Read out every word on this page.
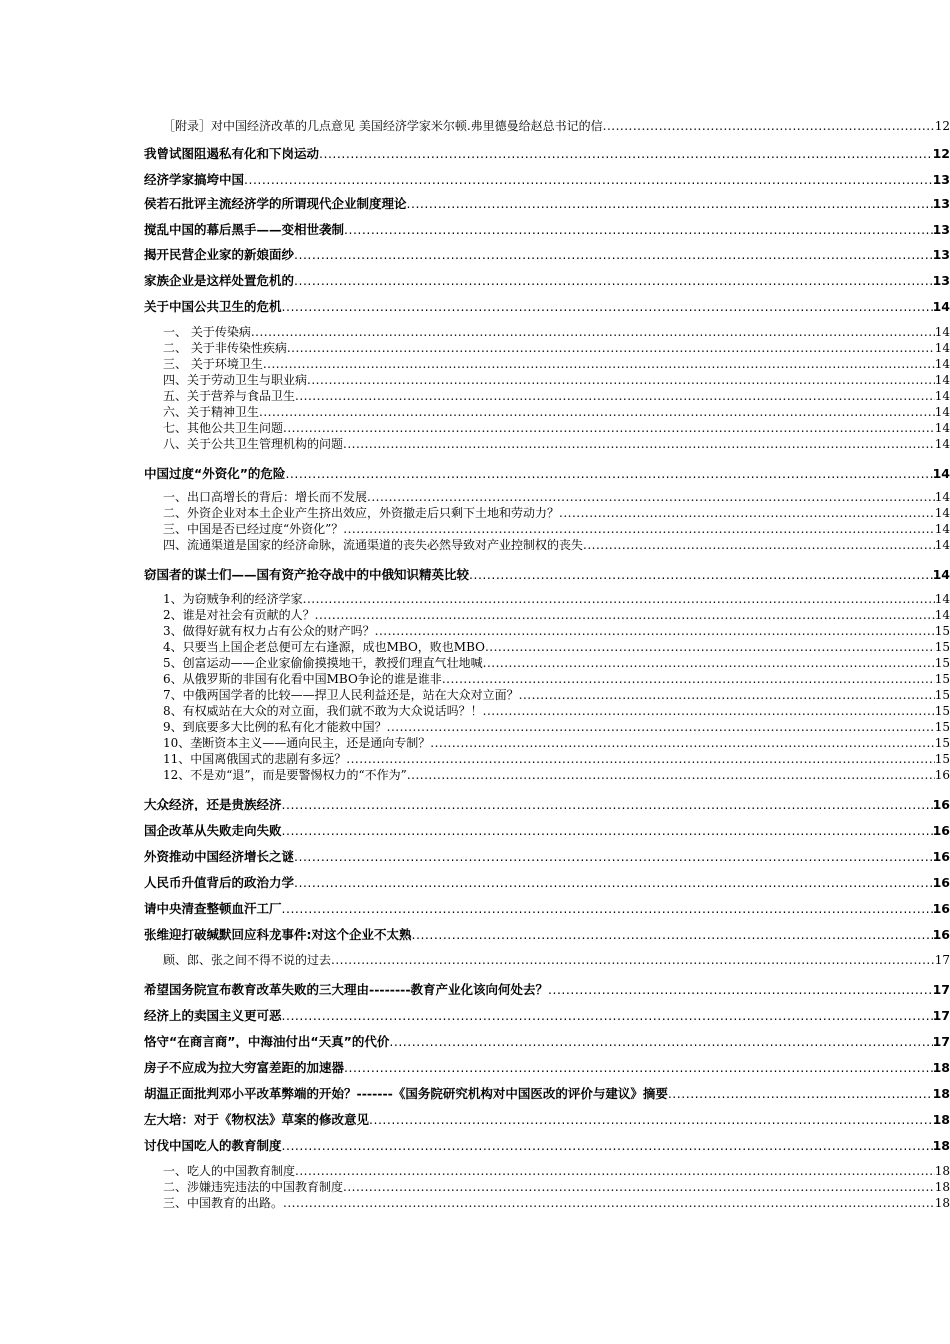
［附录］对中国经济改革的几点意见 美国经济学家米尔顿.弗里德曼给赵总书记的信 .....	12
我曾试图阻遏私有化和下岗运动 .....	12
经济学家搞垮中国 .....	13
侯若石批评主流经济学的所谓现代企业制度理论 .....	13
搅乱中国的幕后黑手——变相世袭制 .....	13
揭开民营企业家的新娘面纱 .....	13
家族企业是这样处置危机的 .....	13
关于中国公共卫生的危机 .....	14
一、 关于传染病 .....	14
二、 关于非传染性疾病 .....	14
三、 关于环境卫生 .....	14
四、关于劳动卫生与职业病 .....	14
五、关于营养与食品卫生 .....	14
六、关于精神卫生 .....	14
七、其他公共卫生问题 .....	14
八、关于公共卫生管理机构的问题 .....	14
中国过度“外资化”的危险 .....	14
一、出口高增长的背后：增长而不发展 .....	14
二、外资企业对本土企业产生挤出效应，外资撤走后只剩下土地和劳动力？ .....	14
三、中国是否已经过度“外资化”？ .....	14
四、流通渠道是国家的经济命脉，流通渠道的丧失必然导致对产业控制权的丧失 .....	14
窃国者的谋士们——国有资产抢夺战中的中俄知识精英比较 .....	14
1、为窃贼争利的经济学家 .....	14
2、谁是对社会有贡献的人？ .....	14
3、做得好就有权力占有公众的财产吗？ .....	15
4、只要当上国企老总便可左右逢源，成也MBO，败也MBO .....	15
5、创富运动——企业家偷偷摸摸地干，教授们理直气壮地喊 .....	15
6、从俄罗斯的非国有化看中国MBO争论的谁是谁非 .....	15
7、中俄两国学者的比较——捍卫人民利益还是，站在大众对立面？ .....	15
8、有权威站在大众的对立面，我们就不敢为大众说话吗？！ .....	15
9、到底要多大比例的私有化才能救中国？ .....	15
10、垄断资本主义——通向民主，还是通向专制？ .....	15
11、中国离俄国式的悲剧有多远？ .....	15
12、不是劝“退”，而是要警惕权力的“不作为” .....	16
大众经济，还是贵族经济 .....	16
国企改革从失败走向失败 .....	16
外资推动中国经济增长之谜 .....	16
人民币升值背后的政治力学 .....	16
请中央清查整顿血汗工厂 .....	16
张维迎打破缄默回应科龙事件:对这个企业不太熟 .....	16
顾、郎、张之间不得不说的过去 .....	17
希望国务院宣布教育改革失败的三大理由--------教育产业化该向何处去？ .....	17
经济上的卖国主义更可恶 .....	17
恪守“在商言商”，中海油付出“天真”的代价 .....	17
房子不应成为拉大穷富差距的加速器 .....	18
胡温正面批判邓小平改革弊端的开始？-------《国务院研究机构对中国医改的评价与建议》摘要 .....	18
左大培：对于《物权法》草案的修改意见 .....	18
讨伐中国吃人的教育制度 .....	18
一、吃人的中国教育制度 .....	18
二、涉嫌违宪违法的中国教育制度 .....	18
三、中国教育的出路。 .....	18
